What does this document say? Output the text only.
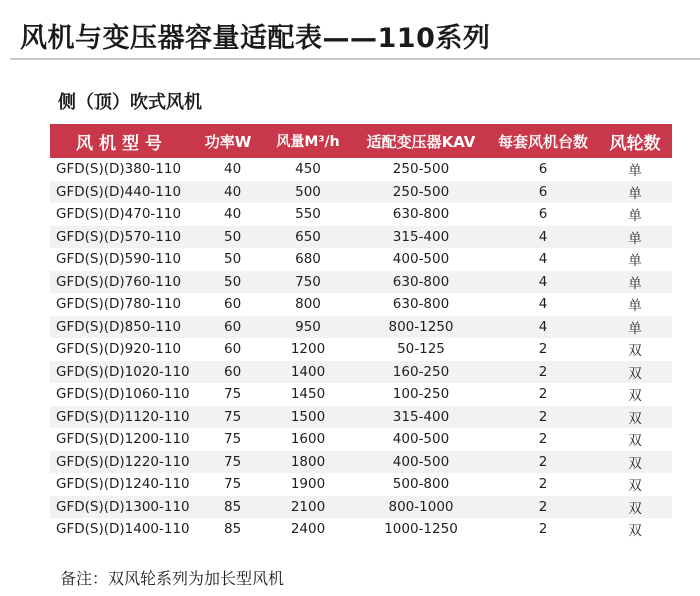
风机与变压器容量适配表——110系列
侧（顶）吹式风机
风机型号	功率W	风量M³/h	适配变压器KAV	每套风机台数	风轮数
GFD(S)(D)380-110	40	450	250-500	6	单
GFD(S)(D)440-110	40	500	250-500	6	单
GFD(S)(D)470-110	40	550	630-800	6	单
GFD(S)(D)570-110	50	650	315-400	4	单
GFD(S)(D)590-110	50	680	400-500	4	单
GFD(S)(D)760-110	50	750	630-800	4	单
GFD(S)(D)780-110	60	800	630-800	4	单
GFD(S)(D)850-110	60	950	800-1250	4	单
GFD(S)(D)920-110	60	1200	50-125	2	双
GFD(S)(D)1020-110	60	1400	160-250	2	双
GFD(S)(D)1060-110	75	1450	100-250	2	双
GFD(S)(D)1120-110	75	1500	315-400	2	双
GFD(S)(D)1200-110	75	1600	400-500	2	双
GFD(S)(D)1220-110	75	1800	400-500	2	双
GFD(S)(D)1240-110	75	1900	500-800	2	双
GFD(S)(D)1300-110	85	2100	800-1000	2	双
GFD(S)(D)1400-110	85	2400	1000-1250	2	双
备注：双风轮系列为加长型风机
